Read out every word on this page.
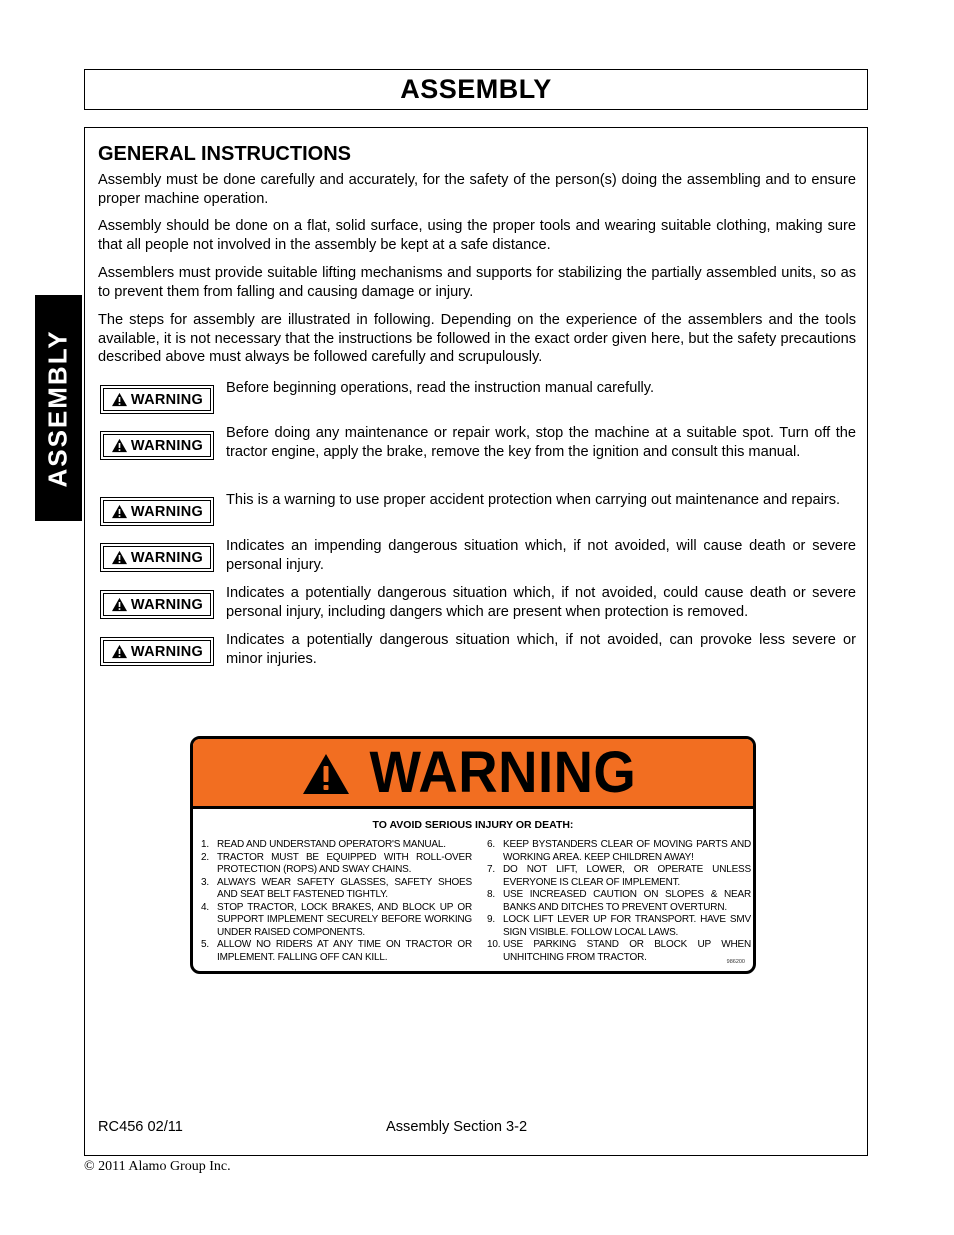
ASSEMBLY
ASSEMBLY
GENERAL INSTRUCTIONS

Assembly must be done carefully and accurately, for the safety of the person(s) doing the assembling and to ensure proper machine operation.

Assembly should be done on a flat, solid surface, using the proper tools and wearing suitable clothing, making sure that all people not involved in the assembly be kept at a safe distance.

Assemblers must provide suitable lifting mechanisms and supports for stabilizing the partially assembled units, so as to prevent them from falling and causing damage or injury.

The steps for assembly are illustrated in following. Depending on the experience of the assemblers and the tools available, it is not necessary that the instructions be followed in the exact order given here, but the safety precautions described above must always be followed carefully and scrupulously.

WARNING

Before beginning operations, read the instruction manual carefully.

WARNING

Before doing any maintenance or repair work, stop the machine at a suitable spot. Turn off the tractor engine, apply the brake, remove the key from the ignition and consult this manual.

WARNING

This is a warning to use proper accident protection when carrying out maintenance and repairs.

WARNING

Indicates an impending dangerous situation which, if not avoided, will cause death or severe personal injury.

WARNING

Indicates a potentially dangerous situation which, if not avoided, could cause death or severe personal injury, including dangers which are present when protection is removed.

WARNING

Indicates a potentially dangerous situation which, if not avoided, can provoke less severe or minor injuries.

WARNING
TO AVOID SERIOUS INJURY OR DEATH:
1. READ AND UNDERSTAND OPERATOR'S MANUAL.
2. TRACTOR MUST BE EQUIPPED WITH ROLL-OVER PROTECTION (ROPS) AND SWAY CHAINS.
3. ALWAYS WEAR SAFETY GLASSES, SAFETY SHOES AND SEAT BELT FASTENED TIGHTLY.
4. STOP TRACTOR, LOCK BRAKES, AND BLOCK UP OR SUPPORT IMPLEMENT SECURELY BEFORE WORKING UNDER RAISED COMPONENTS.
5. ALLOW NO RIDERS AT ANY TIME ON TRACTOR OR IMPLEMENT. FALLING OFF CAN KILL.
6. KEEP BYSTANDERS CLEAR OF MOVING PARTS AND WORKING AREA. KEEP CHILDREN AWAY!
7. DO NOT LIFT, LOWER, OR OPERATE UNLESS EVERYONE IS CLEAR OF IMPLEMENT.
8. USE INCREASED CAUTION ON SLOPES & NEAR BANKS AND DITCHES TO PREVENT OVERTURN.
9. LOCK LIFT LEVER UP FOR TRANSPORT. HAVE SMV SIGN VISIBLE. FOLLOW LOCAL LAWS.
10. USE PARKING STAND OR BLOCK UP WHEN UNHITCHING FROM TRACTOR.	986200
RC456 02/11	Assembly Section 3-2
© 2011 Alamo Group Inc.
